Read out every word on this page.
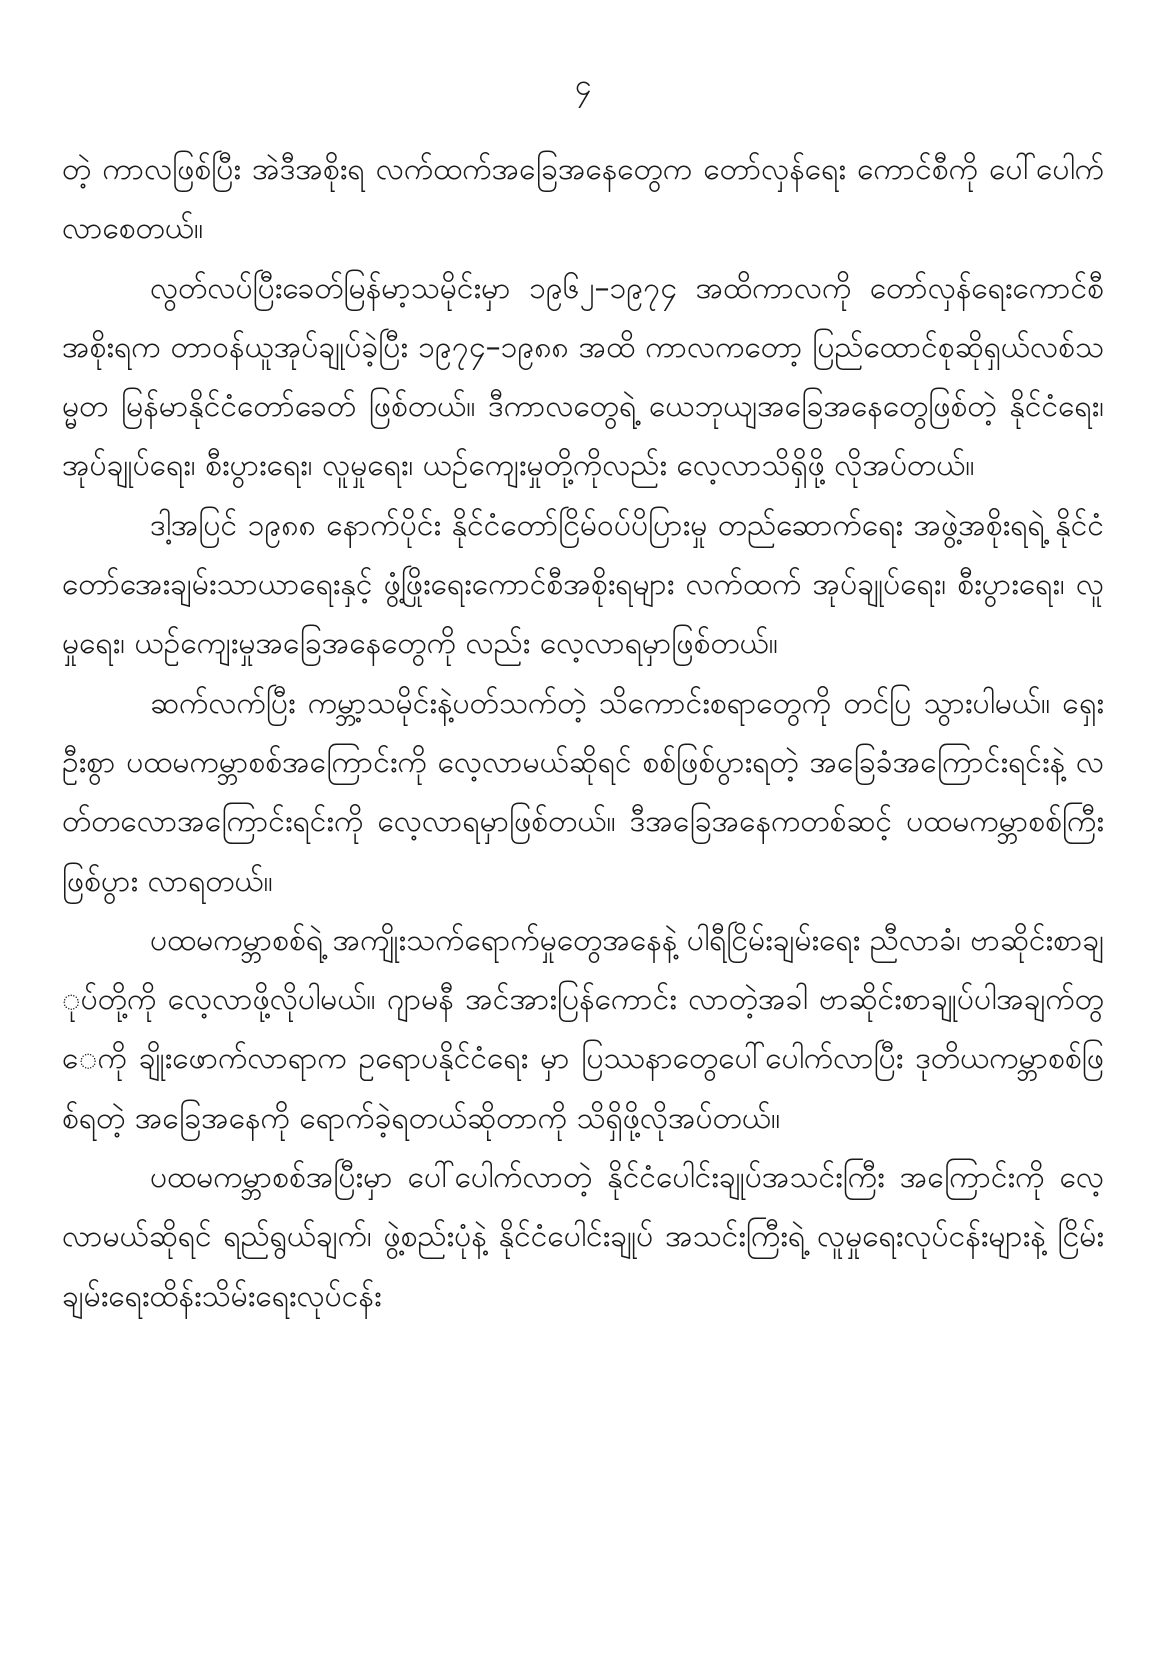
၄

တဲ့ ကာလဖြစ်ပြီး အဲဒီအစိုးရ လက်ထက်အခြေအနေတွေက တော်လှန်ရေး ကောင်စီကို ပေါ်ပေါက်လာစေတယ်။

လွတ်လပ်ပြီးခေတ်မြန်မာ့သမိုင်းမှာ ၁၉၆၂–၁၉၇၄ အထိကာလကို တော်လှန်ရေးကောင်စီအစိုးရက တာဝန်ယူအုပ်ချုပ်ခဲ့ပြီး ၁၉၇၄–၁၉၈၈ အထိ ကာလကတော့ ပြည်ထောင်စုဆိုရှယ်လစ်သမ္မတ မြန်မာနိုင်ငံတော်ခေတ် ဖြစ်တယ်။ ဒီကာလတွေရဲ့ ယေဘုယျအခြေအနေတွေဖြစ်တဲ့ နိုင်ငံရေး၊ အုပ်ချုပ်ရေး၊ စီးပွားရေး၊ လူမှုရေး၊ ယဉ်ကျေးမှုတို့ကိုလည်း လေ့လာသိရှိဖို့ လိုအပ်တယ်။

ဒါ့အပြင် ၁၉၈၈ နောက်ပိုင်း နိုင်ငံတော်ငြိမ်ဝပ်ပိပြားမှု တည်ဆောက်ရေး အဖွဲ့အစိုးရရဲ့ နိုင်ငံတော်အေးချမ်းသာယာရေးနှင့် ဖွံ့ဖြိုးရေးကောင်စီအစိုးရများ လက်ထက် အုပ်ချုပ်ရေး၊ စီးပွားရေး၊ လူမှုရေး၊ ယဉ်ကျေးမှုအခြေအနေတွေကို လည်း လေ့လာရမှာဖြစ်တယ်။

ဆက်လက်ပြီး ကမ္ဘာ့သမိုင်းနဲ့ပတ်သက်တဲ့ သိကောင်းစရာတွေကို တင်ပြ သွားပါမယ်။ ရှေးဦးစွာ ပထမကမ္ဘာစစ်အကြောင်းကို လေ့လာမယ်ဆိုရင် စစ်ဖြစ်ပွားရတဲ့ အခြေခံအကြောင်းရင်းနဲ့ လတ်တလောအကြောင်းရင်းကို လေ့လာရမှာဖြစ်တယ်။ ဒီအခြေအနေကတစ်ဆင့် ပထမကမ္ဘာစစ်ကြီး ဖြစ်ပွား လာရတယ်။

ပထမကမ္ဘာစစ်ရဲ့ အကျိုးသက်ရောက်မှုတွေအနေနဲ့ ပါရီငြိမ်းချမ်းရေး ညီလာခံ၊ ဗာဆိုင်းစာချုပ်တို့ကို လေ့လာဖို့လိုပါမယ်။ ဂျာမနီ အင်အားပြန်ကောင်း လာတဲ့အခါ ဗာဆိုင်းစာချုပ်ပါအချက်တွေကို ချိုးဖောက်လာရာက ဥရောပနိုင်ငံရေး မှာ ပြဿနာတွေပေါ်ပေါက်လာပြီး ဒုတိယကမ္ဘာစစ်ဖြစ်ရတဲ့ အခြေအနေကို ရောက်ခဲ့ရတယ်ဆိုတာကို သိရှိဖို့လိုအပ်တယ်။

ပထမကမ္ဘာစစ်အပြီးမှာ ပေါ်ပေါက်လာတဲ့ နိုင်ငံပေါင်းချုပ်အသင်းကြီး အကြောင်းကို လေ့လာမယ်ဆိုရင် ရည်ရွယ်ချက်၊ ဖွဲ့စည်းပုံနဲ့ နိုင်ငံပေါင်းချုပ် အသင်းကြီးရဲ့ လူမှုရေးလုပ်ငန်းများနဲ့ ငြိမ်းချမ်းရေးထိန်းသိမ်းရေးလုပ်ငန်း
